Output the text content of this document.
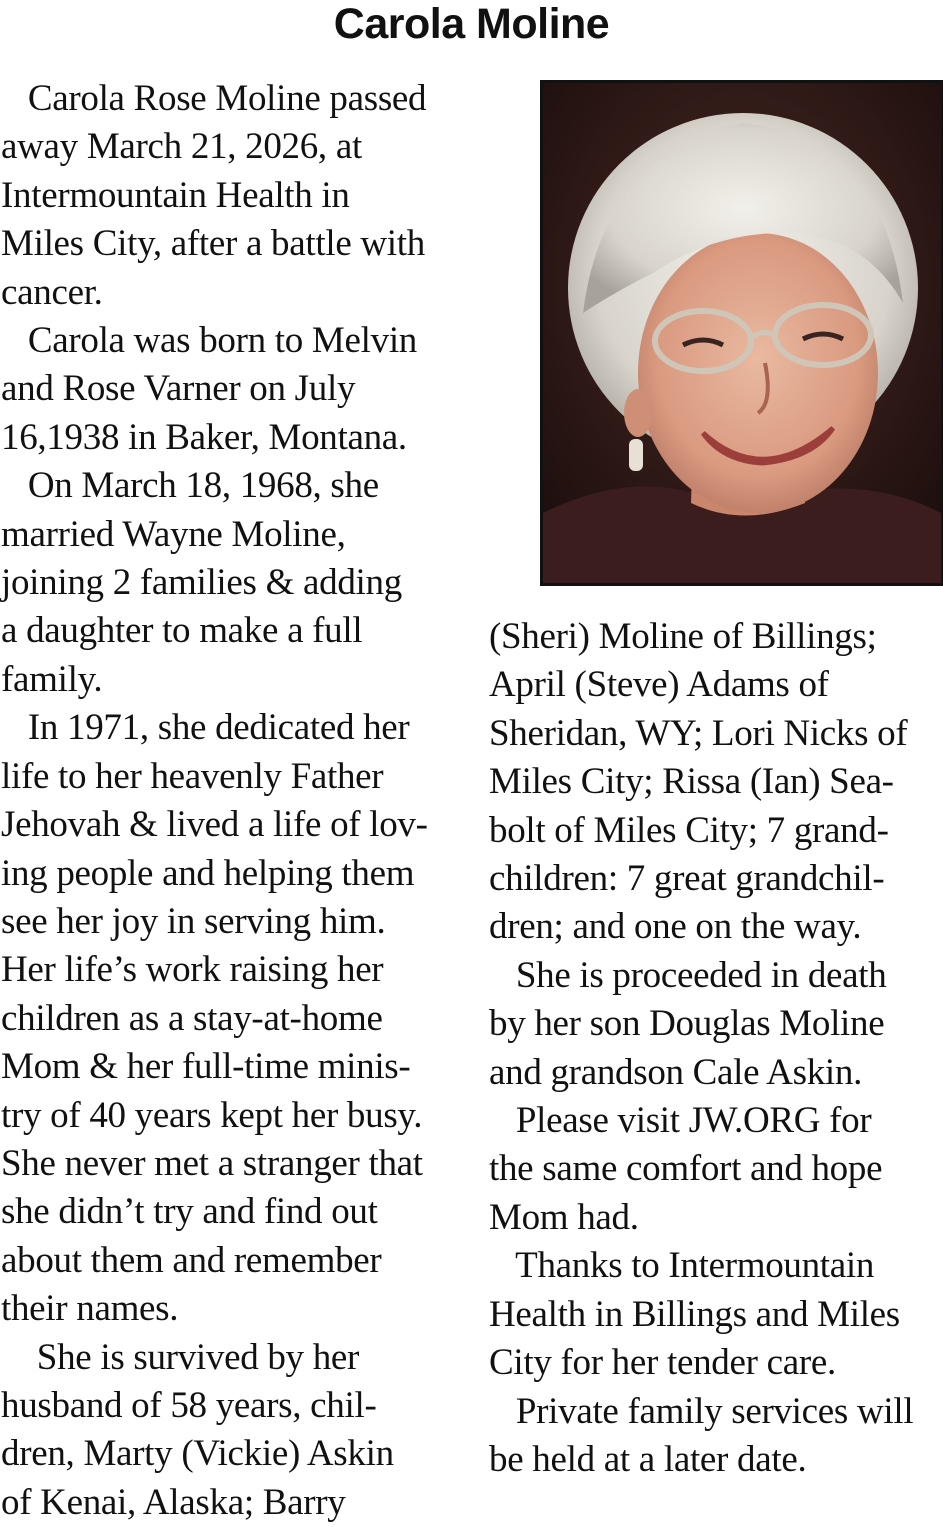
Carola Moline

Carola Rose Moline passed

away March 21, 2026, at

Intermountain Health in

Miles City, after a battle with

cancer.

Carola was born to Melvin

and Rose Varner on July

16,1938 in Baker, Montana.

On March 18, 1968, she

married Wayne Moline,

joining 2 families & adding

a daughter to make a full

family.

In 1971, she dedicated her

life to her heavenly Father

Jehovah & lived a life of lov-

ing people and helping them

see her joy in serving him.

Her life’s work raising her

children as a stay-at-home

Mom & her full-time minis-

try of 40 years kept her busy.

She never met a stranger that

she didn’t try and find out

about them and remember

their names.

She is survived by her

husband of 58 years, chil-

dren, Marty (Vickie) Askin

of Kenai, Alaska; Barry

(Sheri) Moline of Billings;

April (Steve) Adams of

Sheridan, WY; Lori Nicks of

Miles City; Rissa (Ian) Sea-

bolt of Miles City; 7 grand-

children: 7 great grandchil-

dren; and one on the way.

She is proceeded in death

by her son Douglas Moline

and grandson Cale Askin.

Please visit JW.ORG for

the same comfort and hope

Mom had.

Thanks to Intermountain

Health in Billings and Miles

City for her tender care.

Private family services will

be held at a later date.
